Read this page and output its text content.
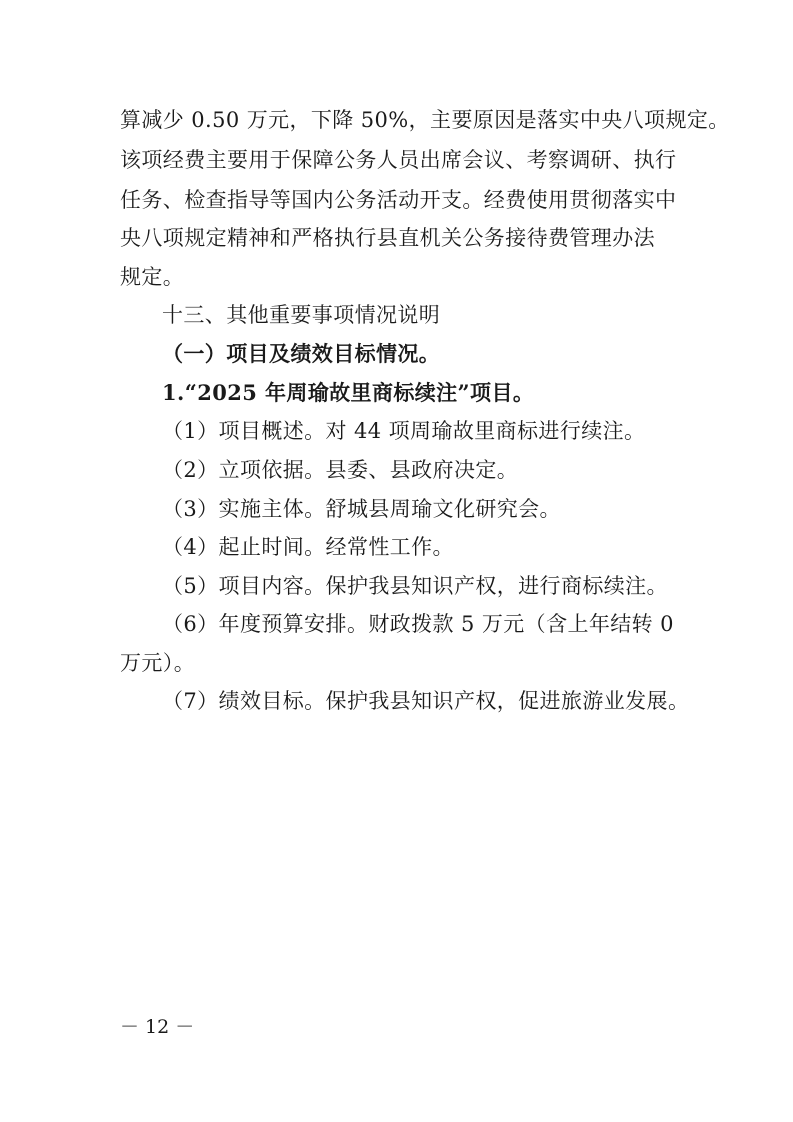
算减少 0.50 万元，下降 50%，主要原因是落实中央八项规定。
该项经费主要用于保障公务人员出席会议、考察调研、执行
任务、检查指导等国内公务活动开支。经费使用贯彻落实中
央八项规定精神和严格执行县直机关公务接待费管理办法
规定。
十三、其他重要事项情况说明
（一）项目及绩效目标情况。
1.“2025 年周瑜故里商标续注”项目。
（1）项目概述。对 44 项周瑜故里商标进行续注。
（2）立项依据。县委、县政府决定。
（3）实施主体。舒城县周瑜文化研究会。
（4）起止时间。经常性工作。
（5）项目内容。保护我县知识产权，进行商标续注。
（6）年度预算安排。财政拨款 5 万元（含上年结转 0
万元）。
（7）绩效目标。保护我县知识产权，促进旅游业发展。
－ 12 －
